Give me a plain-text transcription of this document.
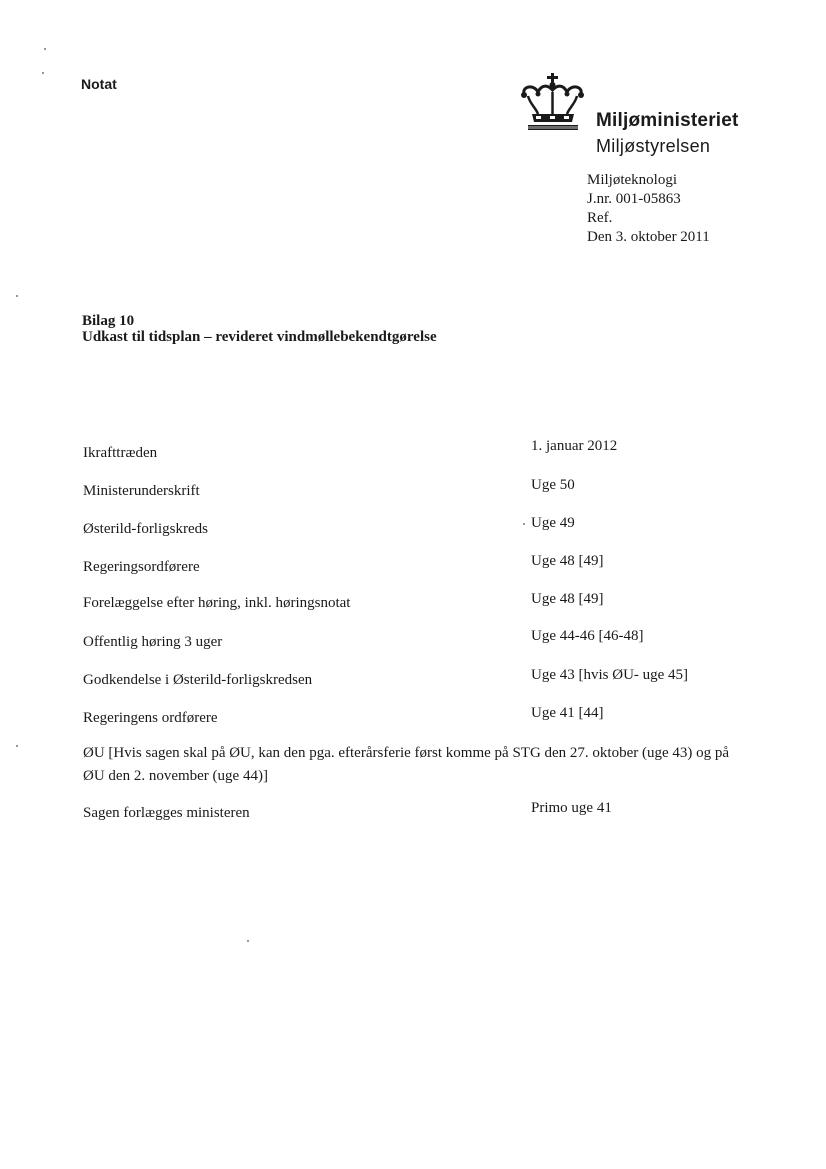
Notat
Miljøministeriet
Miljøstyrelsen
Miljøteknologi
J.nr. 001-05863
Ref.
Den 3. oktober 2011
Bilag 10
Udkast til tidsplan – revideret vindmøllebekendtgørelse
Ikrafttræden	1. januar 2012
Ministerunderskrift	Uge 50
Østerild-forligskreds	Uge 49
Regeringsordførere	Uge 48 [49]
Forelæggelse efter høring, inkl. høringsnotat	Uge 48 [49]
Offentlig høring 3 uger	Uge 44-46 [46-48]
Godkendelse i Østerild-forligskredsen	Uge 43 [hvis ØU- uge 45]
Regeringens ordførere	Uge 41 [44]
ØU [Hvis sagen skal på ØU, kan den pga. efterårsferie først komme på STG den 27. oktober (uge 43) og på ØU den 2. november (uge 44)]
Sagen forlægges ministeren	Primo uge 41
